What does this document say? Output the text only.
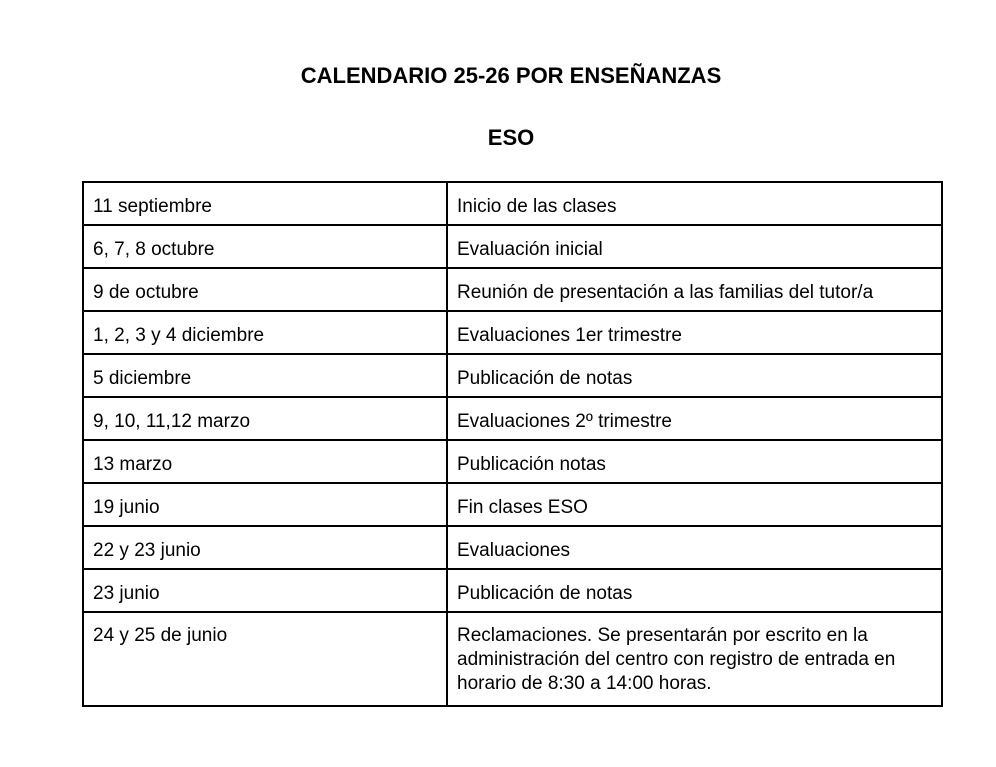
CALENDARIO 25-26 POR ENSEÑANZAS
ESO
11 septiembre	Inicio de las clases
6, 7, 8 octubre	Evaluación inicial
9 de octubre	Reunión de presentación a las familias del tutor/a
1, 2, 3 y 4 diciembre	Evaluaciones 1er trimestre
5 diciembre	Publicación de notas
9, 10, 11,12 marzo	Evaluaciones 2º trimestre
13 marzo	Publicación notas
19 junio	Fin clases ESO
22 y 23 junio	Evaluaciones
23 junio	Publicación de notas
24 y 25 de junio	Reclamaciones. Se presentarán por escrito en la administración del centro con registro de entrada en horario de 8:30 a 14:00 horas.
